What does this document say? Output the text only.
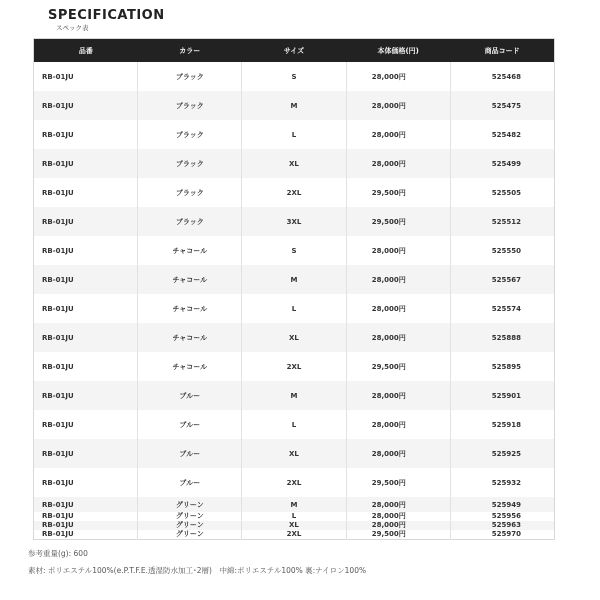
SPECIFICATION
スペック表
品番	カラー	サイズ	本体価格(円)	商品コード
RB-01JU	ブラック	S	28,000円	525468
RB-01JU	ブラック	M	28,000円	525475
RB-01JU	ブラック	L	28,000円	525482
RB-01JU	ブラック	XL	28,000円	525499
RB-01JU	ブラック	2XL	29,500円	525505
RB-01JU	ブラック	3XL	29,500円	525512
RB-01JU	チャコール	S	28,000円	525550
RB-01JU	チャコール	M	28,000円	525567
RB-01JU	チャコール	L	28,000円	525574
RB-01JU	チャコール	XL	28,000円	525888
RB-01JU	チャコール	2XL	29,500円	525895
RB-01JU	ブルー	M	28,000円	525901
RB-01JU	ブルー	L	28,000円	525918
RB-01JU	ブルー	XL	28,000円	525925
RB-01JU	ブルー	2XL	29,500円	525932
RB-01JU	グリーン	M	28,000円	525949
RB-01JU	グリーン	L	28,000円	525956
RB-01JU	グリーン	XL	28,000円	525963
RB-01JU	グリーン	2XL	29,500円	525970
参考重量(g): 600
素材: ポリエステル100%(e.P.T.F.E.透湿防水加工･2層)　中綿:ポリエステル100% 裏:ナイロン100%
